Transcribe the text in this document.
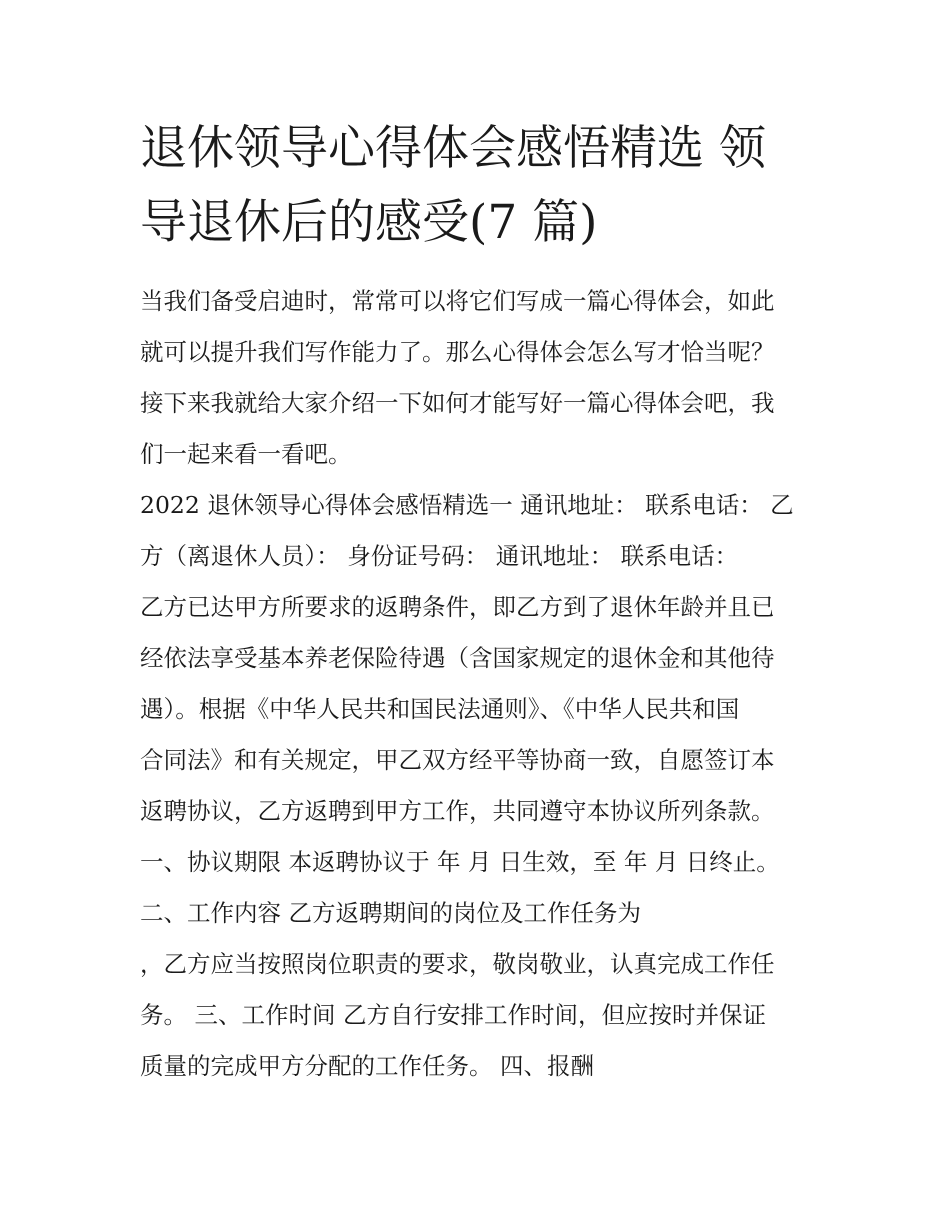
退休领导心得体会感悟精选 领
导退休后的感受(7 篇)
当我们备受启迪时，常常可以将它们写成一篇心得体会，如此
就可以提升我们写作能力了。那么心得体会怎么写才恰当呢？
接下来我就给大家介绍一下如何才能写好一篇心得体会吧，我
们一起来看一看吧。
2022 退休领导心得体会感悟精选一 通讯地址： 联系电话： 乙
方（离退休人员）： 身份证号码： 通讯地址： 联系电话：
乙方已达甲方所要求的返聘条件，即乙方到了退休年龄并且已
经依法享受基本养老保险待遇（含国家规定的退休金和其他待
遇）。根据《中华人民共和国民法通则》、《中华人民共和国
合同法》和有关规定，甲乙双方经平等协商一致，自愿签订本
返聘协议，乙方返聘到甲方工作，共同遵守本协议所列条款。
一、协议期限 本返聘协议于 年 月 日生效，至 年 月 日终止。
二、工作内容 乙方返聘期间的岗位及工作任务为
，乙方应当按照岗位职责的要求，敬岗敬业，认真完成工作任
务。 三、工作时间 乙方自行安排工作时间，但应按时并保证
质量的完成甲方分配的工作任务。 四、报酬
